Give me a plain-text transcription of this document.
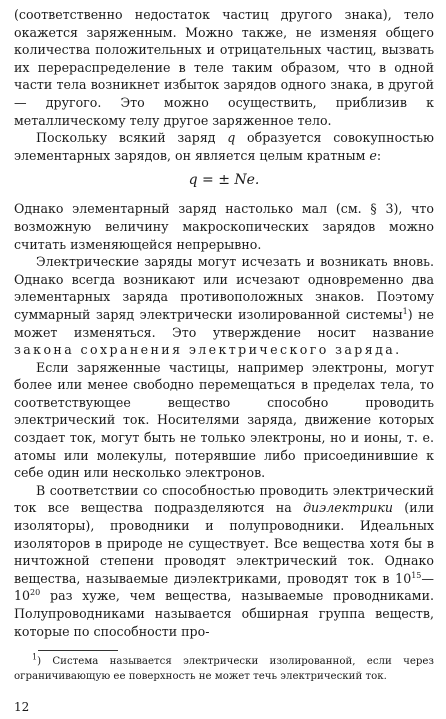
(соответственно недостаток частиц другого знака), тело окажется заряженным. Можно также, не изменяя общего количества положительных и отрицательных частиц, вызвать их перераспределение в теле таким образом, что в одной части тела возникнет избыток зарядов одного знака, в другой — другого. Это можно осуществить, приблизив к металлическому телу другое заряженное тело.

Поскольку всякий заряд q образуется совокупностью элементарных зарядов, он является целым кратным e:

q = ± Ne.

Однако элементарный заряд настолько мал (см. § 3), что возможную величину макроскопических зарядов можно считать изменяющейся непрерывно.

Электрические заряды могут исчезать и возникать вновь. Однако всегда возникают или исчезают одновременно два элементарных заряда противоположных знаков. Поэтому суммарный заряд электрически изолированной системы$^1$) не может изменяться. Это утверждение носит название закона сохранения электрического заряда.

Если заряженные частицы, например электроны, могут более или менее свободно перемещаться в пределах тела, то соответствующее вещество способно проводить электрический ток. Носителями заряда, движение которых создает ток, могут быть не только электроны, но и ионы, т. е. атомы или молекулы, потерявшие либо присоединившие к себе один или несколько электронов.

В соответствии со способностью проводить электрический ток все вещества подразделяются на диэлектрики (или изоляторы), проводники и полупроводники. Идеальных изоляторов в природе не существует. Все вещества хотя бы в ничтожной степени проводят электрический ток. Однако вещества, называемые диэлектриками, проводят ток в $10^{15}—10^{20}$ раз хуже, чем вещества, называемые проводниками. Полупроводниками называется обширная группа веществ, которые по способности про-

$^1$) Система называется электрически изолированной, если через ограничивающую ее поверхность не может течь электрический ток.

12
